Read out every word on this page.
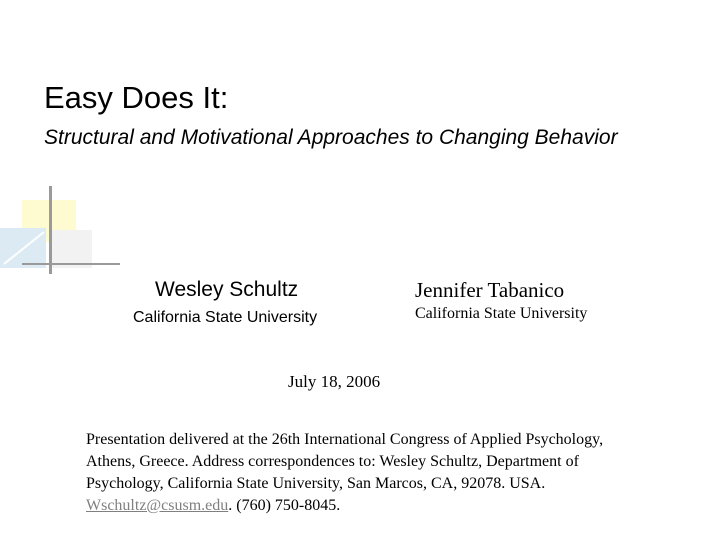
Easy Does It:
Structural and Motivational Approaches to Changing Behavior
Wesley Schultz
California State University
Jennifer Tabanico
California State University
July 18, 2006
Presentation delivered at the 26th International Congress of Applied Psychology, Athens, Greece. Address correspondences to: Wesley Schultz, Department of Psychology, California State University, San Marcos, CA, 92078. USA. Wschultz@csusm.edu. (760) 750-8045.
